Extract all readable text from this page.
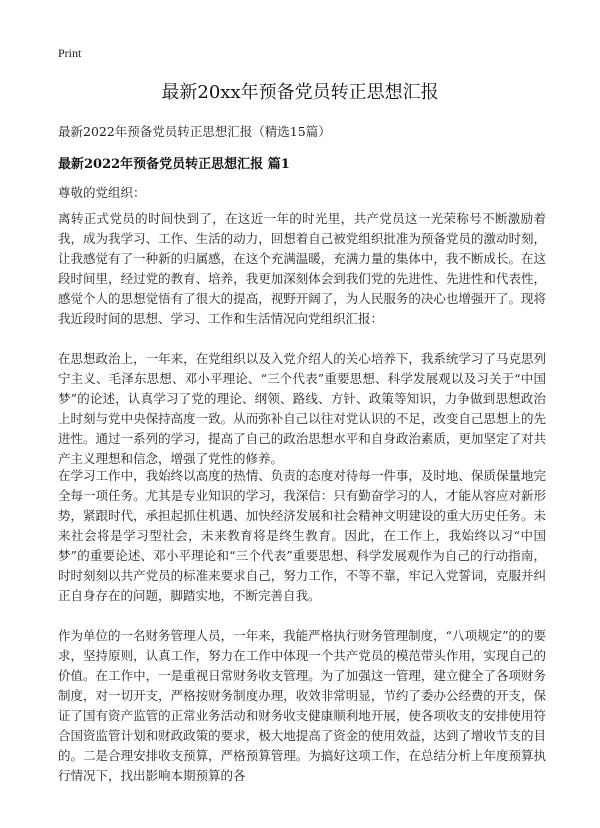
Print
最新20xx年预备党员转正思想汇报
最新2022年预备党员转正思想汇报（精选15篇）
最新2022年预备党员转正思想汇报 篇1
尊敬的党组织：

离转正式党员的时间快到了，在这近一年的时光里，共产党员这一光荣称号不断激励着我，成为我学习、工作、生活的动力，回想着自己被党组织批准为预备党员的激动时刻，让我感觉有了一种新的归属感，在这个充满温暖，充满力量的集体中，我不断成长。在这段时间里，经过党的教育、培养，我更加深刻体会到我们党的先进性、先进性和代表性，感觉个人的思想觉悟有了很大的提高，视野开阔了，为人民服务的决心也增强开了。现将我近段时间的思想、学习、工作和生活情况向党组织汇报：

在思想政治上，一年来，在党组织以及入党介绍人的关心培养下，我系统学习了马克思列宁主义、毛泽东思想、邓小平理论、“三个代表”重要思想、科学发展观以及习关于“中国梦”的论述，认真学习了党的理论、纲领、路线、方针、政策等知识，力争做到思想政治上时刻与党中央保持高度一致。从而弥补自己以往对党认识的不足，改变自己思想上的先进性。通过一系列的学习，提高了自己的政治思想水平和自身政治素质，更加坚定了对共产主义理想和信念，增强了党性的修养。

在学习工作中，我始终以高度的热情、负责的态度对待每一件事，及时地、保质保量地完全每一项任务。尤其是专业知识的学习，我深信：只有勤奋学习的人，才能从容应对新形势，紧跟时代，承担起抓住机遇、加快经济发展和社会精神文明建设的重大历史任务。未来社会将是学习型社会，未来教育将是终生教育。因此，在工作上，我始终以习“中国梦”的重要论述、邓小平理论和“三个代表”重要思想、科学发展观作为自己的行动指南，时时刻刻以共产党员的标准来要求自己，努力工作，不等不靠，牢记入党誓词，克服并纠正自身存在的问题，脚踏实地，不断完善自我。

作为单位的一名财务管理人员，一年来，我能严格执行财务管理制度，“八项规定”的的要求，坚持原则，认真工作，努力在工作中体现一个共产党员的模范带头作用，实现自己的价值。在工作中，一是重视日常财务收支管理。为了加强这一管理，建立健全了各项财务制度，对一切开支，严格按财务制度办理，收效非常明显，节约了委办公经费的开支，保证了国有资产监管的正常业务活动和财务收支健康顺利地开展，使各项收支的安排使用符合国资监管计划和财政政策的要求，极大地提高了资金的使用效益，达到了增收节支的目的。二是合理安排收支预算，严格预算管理。为搞好这项工作，在总结分析上年度预算执行情况下，找出影响本期预算的各
